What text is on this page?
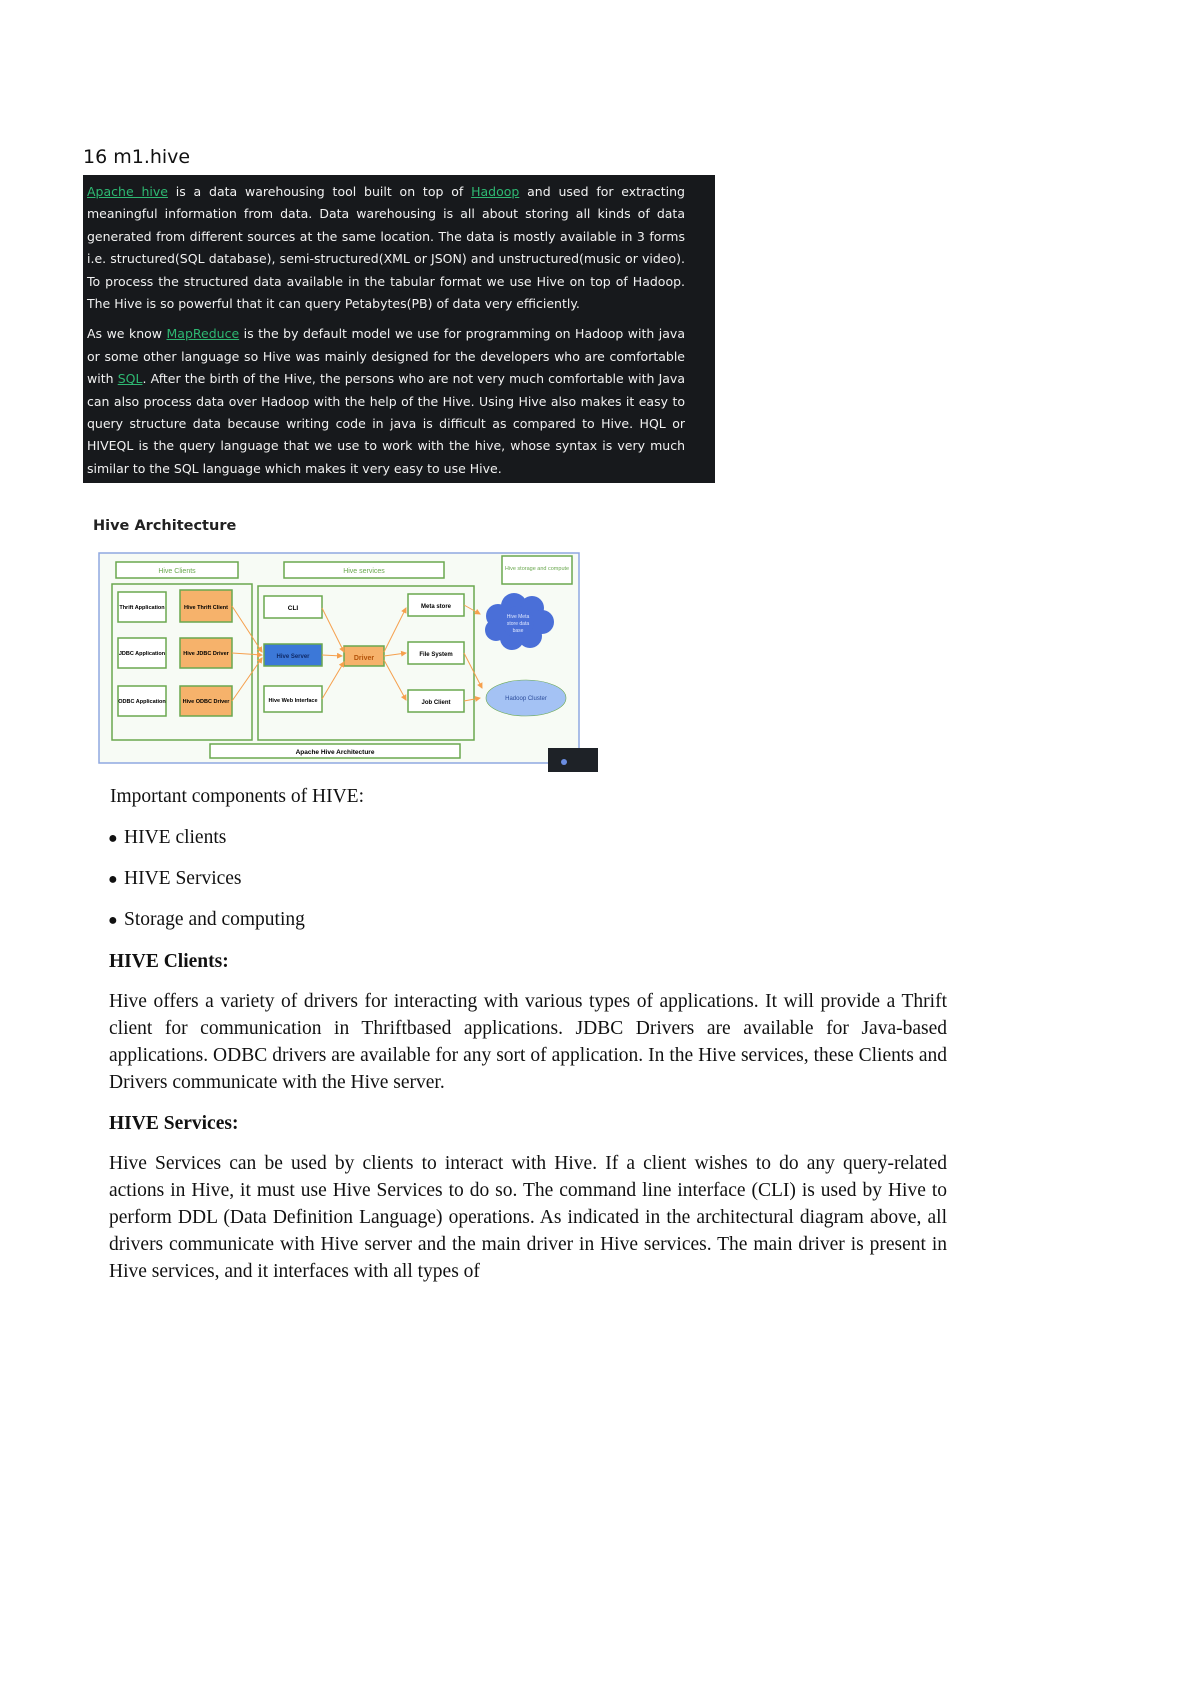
16 m1.hive

Apache hive is a data warehousing tool built on top of Hadoop and used for extracting meaningful information from data. Data warehousing is all about storing all kinds of data generated from different sources at the same location. The data is mostly available in 3 forms i.e. structured(SQL database), semi-structured(XML or JSON) and unstructured(music or video). To process the structured data available in the tabular format we use Hive on top of Hadoop. The Hive is so powerful that it can query Petabytes(PB) of data very efficiently.

As we know MapReduce is the by default model we use for programming on Hadoop with java or some other language so Hive was mainly designed for the developers who are comfortable with SQL. After the birth of the Hive, the persons who are not very much comfortable with Java can also process data over Hadoop with the help of the Hive. Using Hive also makes it easy to query structure data because writing code in java is difficult as compared to Hive. HQL or HIVEQL is the query language that we use to work with the hive, whose syntax is very much similar to the SQL language which makes it very easy to use Hive.

Hive Architecture
Hive Clients	Hive services	Hive storage and compute
Thrift Application	Hive Thrift Client
JDBC Application	Hive JDBC Driver
ODBC Application	Hive ODBC Driver
CLI
Hive Server
Hive Web Interface
Driver
Meta store
File System
Job Client
Hive Meta
store data
base
Hadoop Cluster
Apache Hive Architecture
Important components of HIVE:
● HIVE clients
● HIVE Services
● Storage and computing
HIVE Clients:

Hive offers a variety of drivers for interacting with various types of applications. It will provide a Thrift client for communication in Thriftbased applications. JDBC Drivers are available for Java-based applications. ODBC drivers are available for any sort of application. In the Hive services, these Clients and Drivers communicate with the Hive server.

HIVE Services:

Hive Services can be used by clients to interact with Hive. If a client wishes to do any query-related actions in Hive, it must use Hive Services to do so. The command line interface (CLI) is used by Hive to perform DDL (Data Definition Language) operations. As indicated in the architectural diagram above, all drivers communicate with Hive server and the main driver in Hive services. The main driver is present in Hive services, and it interfaces with all types of
